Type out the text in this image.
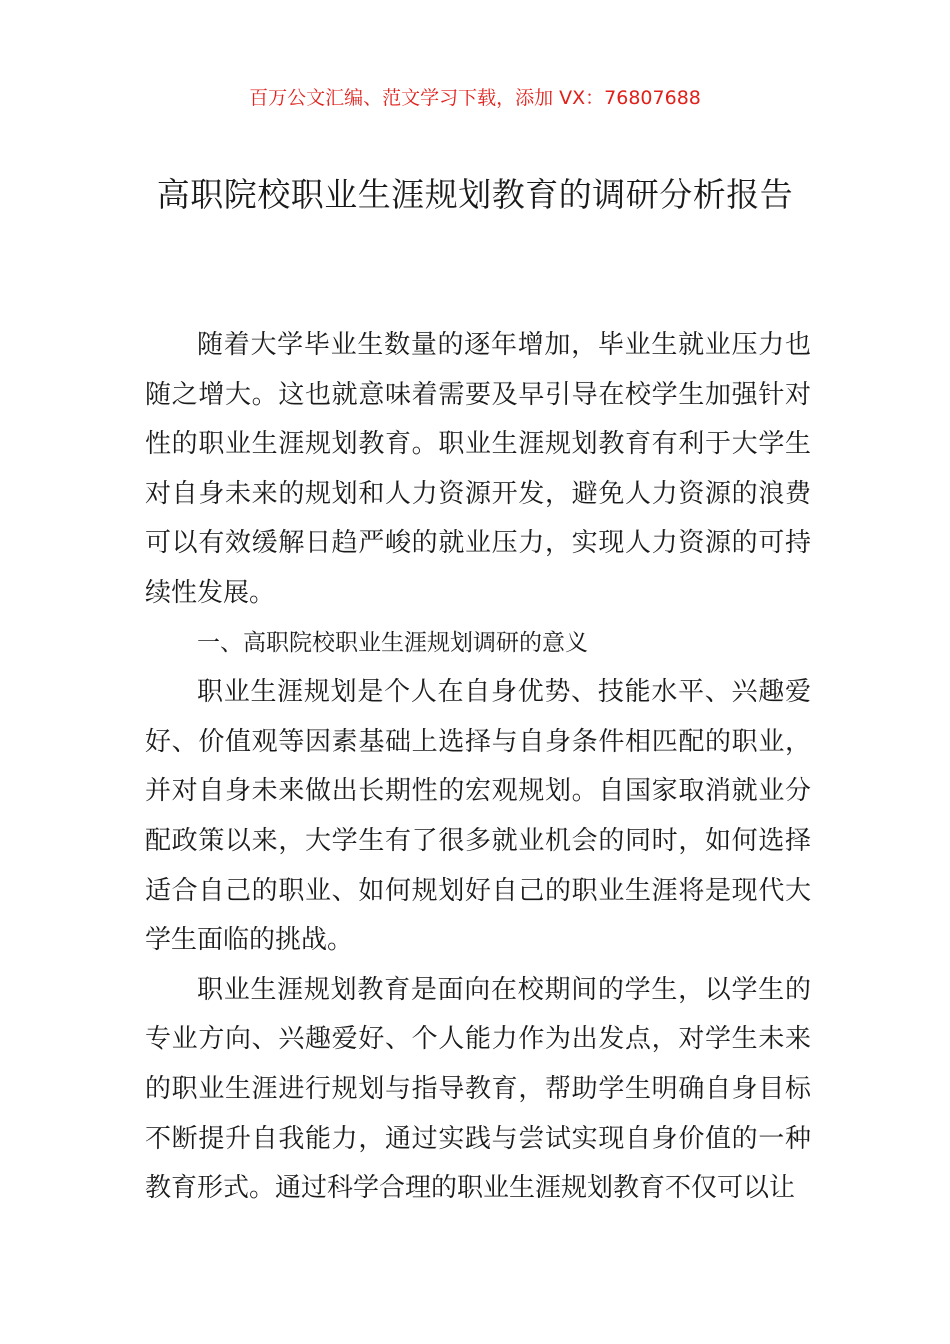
百万公文汇编、范文学习下载，添加 VX：76807688
高职院校职业生涯规划教育的调研分析报告

随着大学毕业生数量的逐年增加，毕业生就业压力也随之增大。这也就意味着需要及早引导在校学生加强针对性的职业生涯规划教育。职业生涯规划教育有利于大学生对自身未来的规划和人力资源开发，避免人力资源的浪费可以有效缓解日趋严峻的就业压力，实现人力资源的可持续性发展。

一、高职院校职业生涯规划调研的意义

职业生涯规划是个人在自身优势、技能水平、兴趣爱好、价值观等因素基础上选择与自身条件相匹配的职业，并对自身未来做出长期性的宏观规划。自国家取消就业分配政策以来，大学生有了很多就业机会的同时，如何选择适合自己的职业、如何规划好自己的职业生涯将是现代大学生面临的挑战。

职业生涯规划教育是面向在校期间的学生，以学生的专业方向、兴趣爱好、个人能力作为出发点，对学生未来的职业生涯进行规划与指导教育，帮助学生明确自身目标不断提升自我能力，通过实践与尝试实现自身价值的一种教育形式。通过科学合理的职业生涯规划教育不仅可以让
